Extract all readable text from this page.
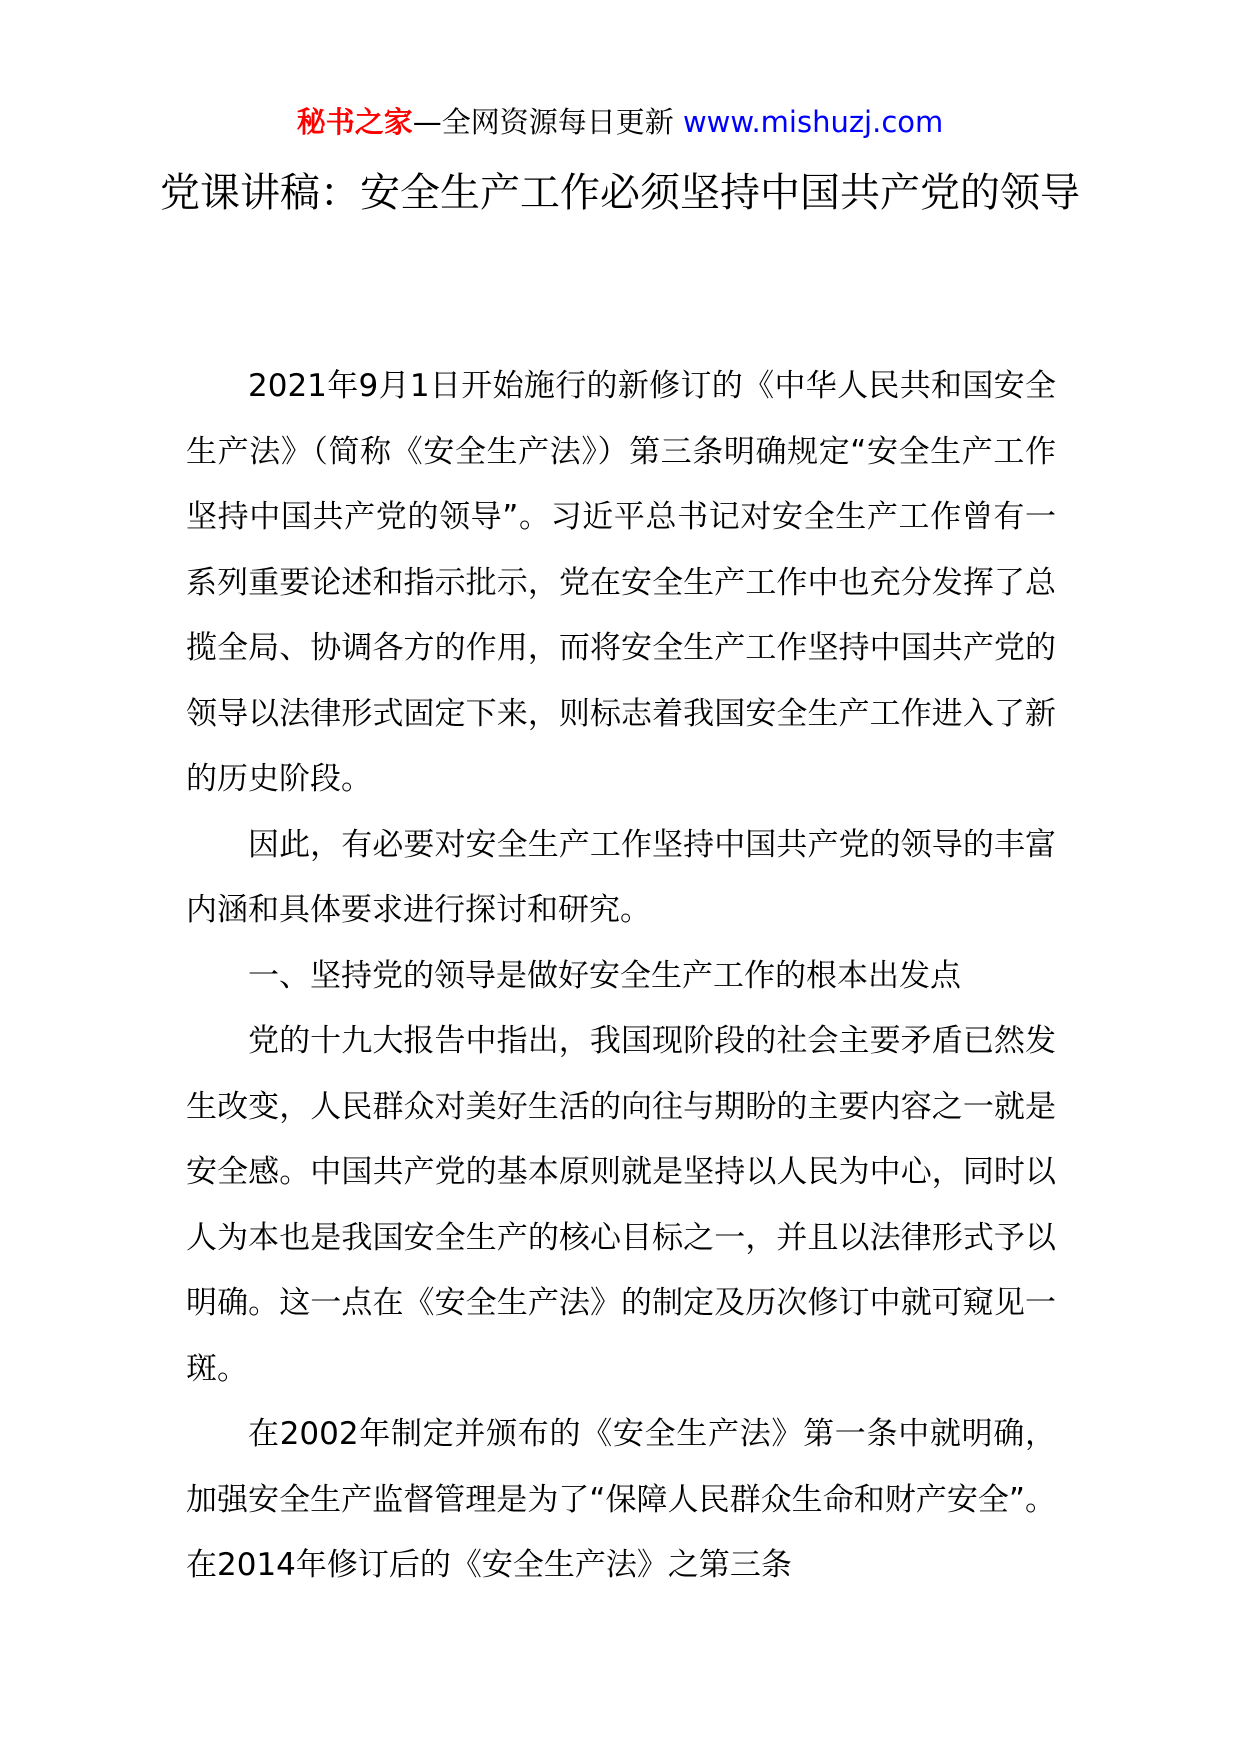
秘书之家—全网资源每日更新 www.mishuzj.com
党课讲稿：安全生产工作必须坚持中国共产党的领导

2021年9月1日开始施行的新修订的《中华人民共和国安全生产法》（简称《安全生产法》）第三条明确规定“安全生产工作坚持中国共产党的领导”。习近平总书记对安全生产工作曾有一系列重要论述和指示批示，党在安全生产工作中也充分发挥了总揽全局、协调各方的作用，而将安全生产工作坚持中国共产党的领导以法律形式固定下来，则标志着我国安全生产工作进入了新的历史阶段。

因此，有必要对安全生产工作坚持中国共产党的领导的丰富内涵和具体要求进行探讨和研究。

一、坚持党的领导是做好安全生产工作的根本出发点

党的十九大报告中指出，我国现阶段的社会主要矛盾已然发生改变，人民群众对美好生活的向往与期盼的主要内容之一就是安全感。中国共产党的基本原则就是坚持以人民为中心，同时以人为本也是我国安全生产的核心目标之一，并且以法律形式予以明确。这一点在《安全生产法》的制定及历次修订中就可窥见一斑。

在2002年制定并颁布的《安全生产法》第一条中就明确，加强安全生产监督管理是为了“保障人民群众生命和财产安全”。在2014年修订后的《安全生产法》之第三条
